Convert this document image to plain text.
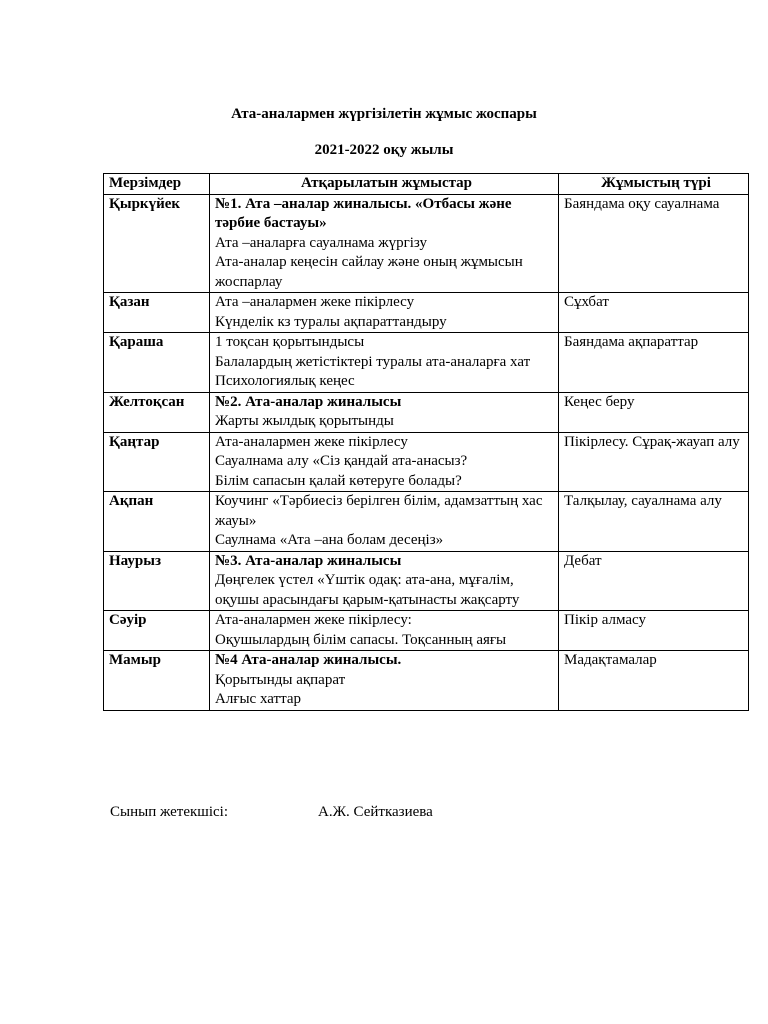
Ата-аналармен жүргізілетін жұмыс жоспары
2021-2022 оқу жылы
Мерзімдер	Атқарылатын жұмыстар	Жұмыстың түрі
Қыркүйек	№1. Ата –аналар жиналысы. «Отбасы және тәрбие бастауы»
Ата –аналарға сауалнама жүргізу
Ата-аналар кеңесін сайлау және оның жұмысын жоспарлау	Баяндама оқу сауалнама
Қазан	Ата –аналармен жеке пікірлесу
Күнделік кз туралы ақпараттандыру	Сұхбат
Қараша	1 тоқсан қорытындысы
Балалардың жетістіктері туралы ата-аналарға хат
Психологиялық кеңес	Баяндама ақпараттар
Желтоқсан	№2. Ата-аналар жиналысы
Жарты жылдық қорытынды	Кеңес беру
Қаңтар	Ата-аналармен жеке пікірлесу
Сауалнама алу «Сіз қандай ата-анасыз?
Білім сапасын қалай көтеруге болады?	Пікірлесу. Сұрақ-жауап алу
Ақпан	Коучинг «Тәрбиесіз берілген білім, адамзаттың хас жауы»
Саулнама «Ата –ана болам десеңіз»	Талқылау, сауалнама алу
Наурыз	№3. Ата-аналар жиналысы
Дөңгелек үстел «Үштік одақ: ата-ана, мұғалім, оқушы арасындағы қарым-қатынасты жақсарту	Дебат
Сәуір	Ата-аналармен жеке пікірлесу:
Оқушылардың білім сапасы. Тоқсанның аяғы	Пікір алмасу
Мамыр	№4 Ата-аналар жиналысы.
Қорытынды ақпарат
Алғыс хаттар	Мадақтамалар
Сынып жетекшісі:	А.Ж. Сейтказиева
